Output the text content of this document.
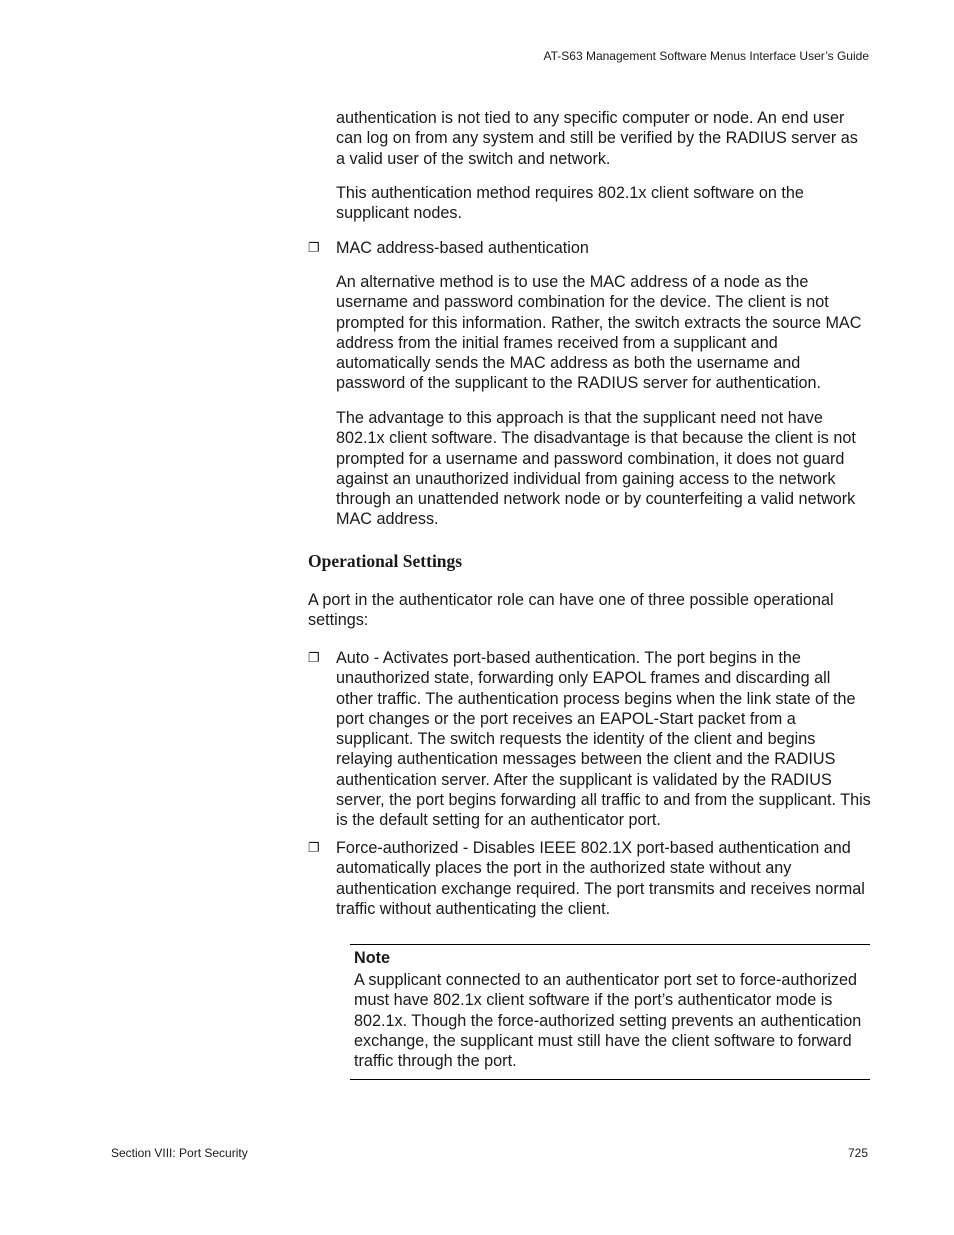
AT-S63 Management Software Menus Interface User’s Guide
authentication is not tied to any specific computer or node. An end user can log on from any system and still be verified by the RADIUS server as a valid user of the switch and network.
This authentication method requires 802.1x client software on the supplicant nodes.
❐ MAC address-based authentication
An alternative method is to use the MAC address of a node as the username and password combination for the device. The client is not prompted for this information. Rather, the switch extracts the source MAC address from the initial frames received from a supplicant and automatically sends the MAC address as both the username and password of the supplicant to the RADIUS server for authentication.
The advantage to this approach is that the supplicant need not have 802.1x client software. The disadvantage is that because the client is not prompted for a username and password combination, it does not guard against an unauthorized individual from gaining access to the network through an unattended network node or by counterfeiting a valid network MAC address.
Operational Settings
A port in the authenticator role can have one of three possible operational settings:
❐ Auto - Activates port-based authentication. The port begins in the unauthorized state, forwarding only EAPOL frames and discarding all other traffic. The authentication process begins when the link state of the port changes or the port receives an EAPOL-Start packet from a supplicant. The switch requests the identity of the client and begins relaying authentication messages between the client and the RADIUS authentication server. After the supplicant is validated by the RADIUS server, the port begins forwarding all traffic to and from the supplicant. This is the default setting for an authenticator port.
❐ Force-authorized - Disables IEEE 802.1X port-based authentication and automatically places the port in the authorized state without any authentication exchange required. The port transmits and receives normal traffic without authenticating the client.
Note
A supplicant connected to an authenticator port set to force-authorized must have 802.1x client software if the port’s authenticator mode is 802.1x. Though the force-authorized setting prevents an authentication exchange, the supplicant must still have the client software to forward traffic through the port.
Section VIII: Port Security	725
